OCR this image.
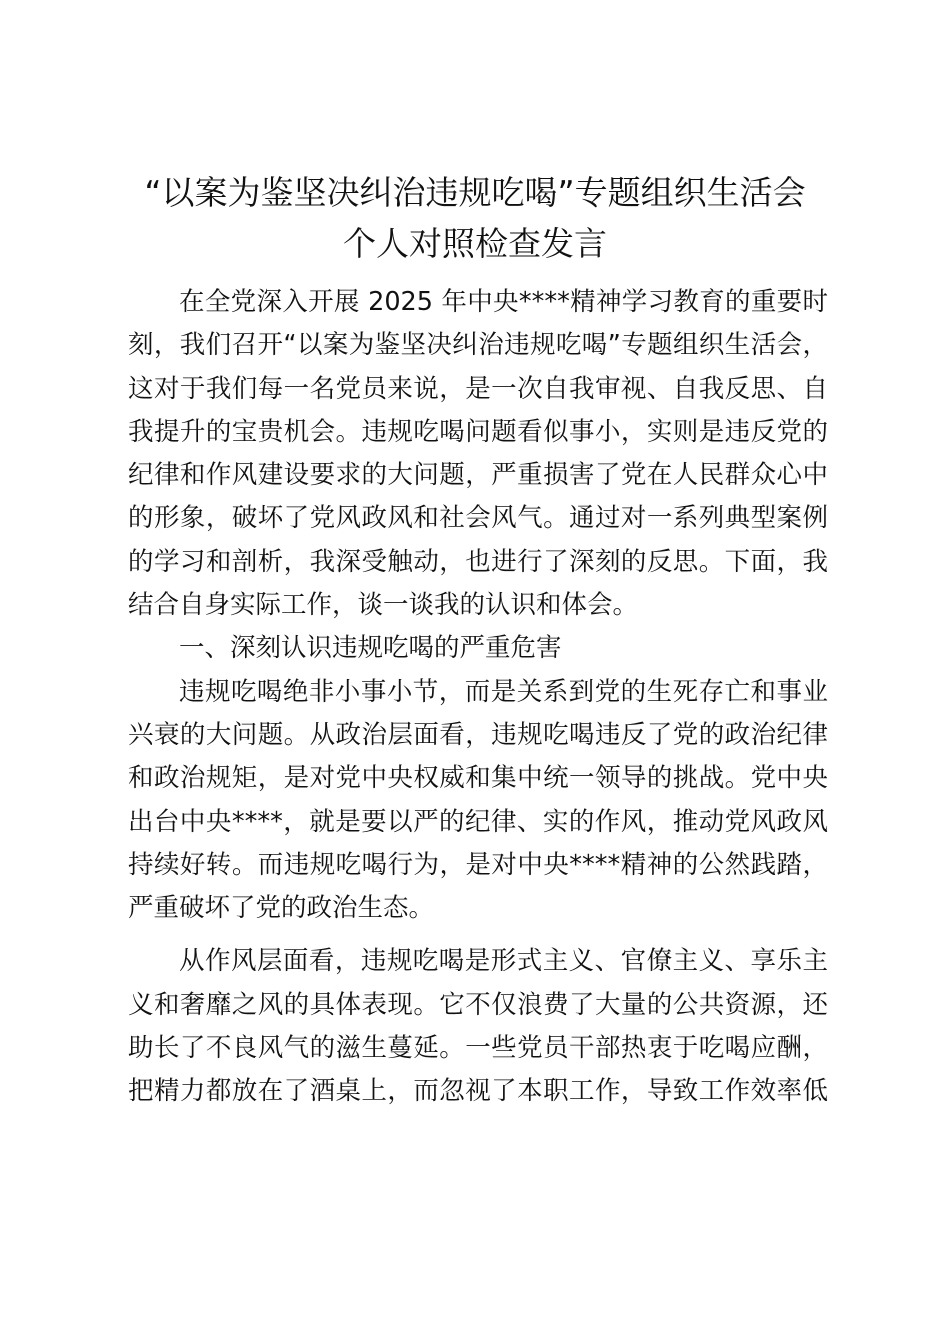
“以案为鉴坚决纠治违规吃喝”专题组织生活会
个人对照检查发言
在全党深入开展 2025 年中央****精神学习教育的重要时
刻，我们召开“以案为鉴坚决纠治违规吃喝”专题组织生活会，
这对于我们每一名党员来说，是一次自我审视、自我反思、自
我提升的宝贵机会。违规吃喝问题看似事小，实则是违反党的
纪律和作风建设要求的大问题，严重损害了党在人民群众心中
的形象，破坏了党风政风和社会风气。通过对一系列典型案例
的学习和剖析，我深受触动，也进行了深刻的反思。下面，我
结合自身实际工作，谈一谈我的认识和体会。
一、深刻认识违规吃喝的严重危害
违规吃喝绝非小事小节，而是关系到党的生死存亡和事业
兴衰的大问题。从政治层面看，违规吃喝违反了党的政治纪律
和政治规矩，是对党中央权威和集中统一领导的挑战。党中央
出台中央****，就是要以严的纪律、实的作风，推动党风政风
持续好转。而违规吃喝行为，是对中央****精神的公然践踏，
严重破坏了党的政治生态。
从作风层面看，违规吃喝是形式主义、官僚主义、享乐主
义和奢靡之风的具体表现。它不仅浪费了大量的公共资源，还
助长了不良风气的滋生蔓延。一些党员干部热衷于吃喝应酬，
把精力都放在了酒桌上，而忽视了本职工作，导致工作效率低
